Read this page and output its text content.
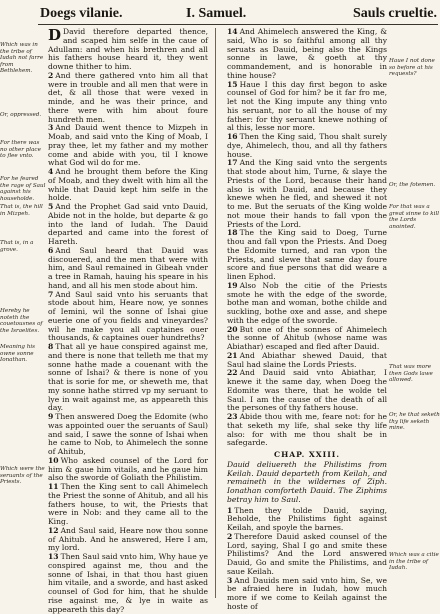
Doegs vilanie.	I. Samuel.	Sauls crueltie.
Which was in the tribe of Iudah not farre from Bethlehem.
Or, oppressed.
For there was no other place to flee vnto.
For he feared the rage of Saul against his householde.
That is, the hill in Mizpeh.
That is, in a grove.
Hereby he noteth the couetousnes of the Israelites.
Meaning his owne sonne Ionathan.
Which were the seruants of the Priests.
D David therefore departed thence, and scaped him selfe in the caue of Adullam: and when his brethren and all his fathers house heard it, they went downe thither to him.
2 And there gathered vnto him all that were in trouble and all men that were in det, & all those that were vexed in minde, and he was their prince, and there were with him about foure hundreth men.
3 And Dauid went thence to Mizpeh in Moab, and said vnto the King of Moab, I pray thee, let my father and my mother come and abide with you, til I knowe what God wil do for me.
4 And he brought them before the King of Moab, and they dwelt with him all the while that Dauid kept him selfe in the holde.
5 And the Prophet Gad said vnto Dauid, Abide not in the holde, but departe & go into the land of Iudah. The Dauid departed and came into the forest of Hareth.
6 And Saul heard that Dauid was discouered, and the men that were with him, and Saul remained in Gibeah vnder a tree in Ramah, hauing his speare in his hand, and all his men stode about him.
7 And Saul said vnto his seruants that stode about him, Heare now, ye sonnes of Iemini, wil the sonne of Ishai giue euerie one of you fields and vineyardes? wil he make you all captaines ouer thousands, & captaines ouer hundreths?
8 That all ye haue conspired against me, and there is none that telleth me that my sonne hathe made a couenant with the sonne of Ishai? & there is none of you that is sorie for me, or sheweth me, that my sonne hathe stirred vp my seruant to lye in wait against me, as appeareth this day.
9 Then answered Doeg the Edomite (who was appointed ouer the seruants of Saul) and said, I sawe the sonne of Ishai when he came to Nob, to Ahimelech the sonne of Ahitub,
10 Who asked counsel of the Lord for him & gaue him vitails, and he gaue him also the sworde of Goliath the Philistim.
11 Then the King sent to call Ahimelech the Priest the sonne of Ahitub, and all his fathers house, to wit, the Priests that were in Nob: and they came all to the King.
12 And Saul said, Heare now thou sonne of Ahitub. And he answered, Here I am, my lord.
13 Then Saul said vnto him, Why haue ye conspired against me, thou and the sonne of Ishai, in that thou hast giuen him vitaile, and a sworde, and hast asked counsel of God for him, that he shulde rise against me, & lye in waite as appeareth this day?
14 And Ahimelech answered the King, & said, Who is so faithful among all thy seruats as Dauid, being also the Kings sonne in lawe, & goeth at thy commandement, and is honorable in thine house?
15 Haue I this day first begon to aske counsel of God for him? be it far fro me, let not the King impute any thing vnto his seruant, nor to all the house of my father: for thy seruant knewe nothing of al this, lesse nor more.
16 Then the King said, Thou shalt surely dye, Ahimelech, thou, and all thy fathers house.
17 And the King said vnto the sergents that stode about him, Turne, & slaye the Priests of the Lord, because their hand also is with Dauid, and because they knewe when he fled, and shewed it not to me. But the seruats of the King wolde not moue their hands to fall vpon the Priests of the Lord.
18 The the King said to Doeg, Turne thou and fall vpon the Priests. And Doeg the Edomite turned, and ran vpon the Priests, and slewe that same day foure score and fiue persons that did weare a linen Ephod.
19 Also Nob the citie of the Priests smote he with the edge of the sworde, bothe man and woman, bothe childe and suckling, bothe oxe and asse, and shepe with the edge of the sworde.
20 But one of the sonnes of Ahimelech the sonne of Ahitub (whose name was Abiathar) escaped and fled after Dauid.
21 And Abiathar shewed Dauid, that Saul had slaine the Lords Priests.
22 And Dauid said vnto Abiathar, I knewe it the same day, when Doeg the Edomite was there, that he wolde tel Saul. I am the cause of the death of all the persones of thy fathers house.
23 Abide thou with me, feare not: for he that seketh my life, shal seke thy life also: for with me thou shalt be in safegarde.
CHAP. XXIII.
Dauid deliuereth the Philistims from Keilah. Dauid departeth from Keilah, and remaineth in the wildernes of Ziph. Ionathan comforteth Dauid. The Ziphims betray him to Saul.
1 Then they tolde Dauid, saying, Beholde, the Philistims fight against Keilah, and spoyle the barnes.
2 Therefore Dauid asked counsel of the Lord, saying, Shal I go and smite these Philistims? And the Lord answered Dauid, Go and smite the Philistims, and saue Keilah.
3 And Dauids men said vnto him, Se, we be afraied here in Iudah, how much more if we come to Keilah against the hoste of
Haue I not done so before at his requests?
Or, the fotemen.
For that was a great sinne to kill the Lords anointed.
That was more then Gods lawe allowed.
Or, he that seketh thy life seketh mine.
Which was a citie in the tribe of Iudah.
